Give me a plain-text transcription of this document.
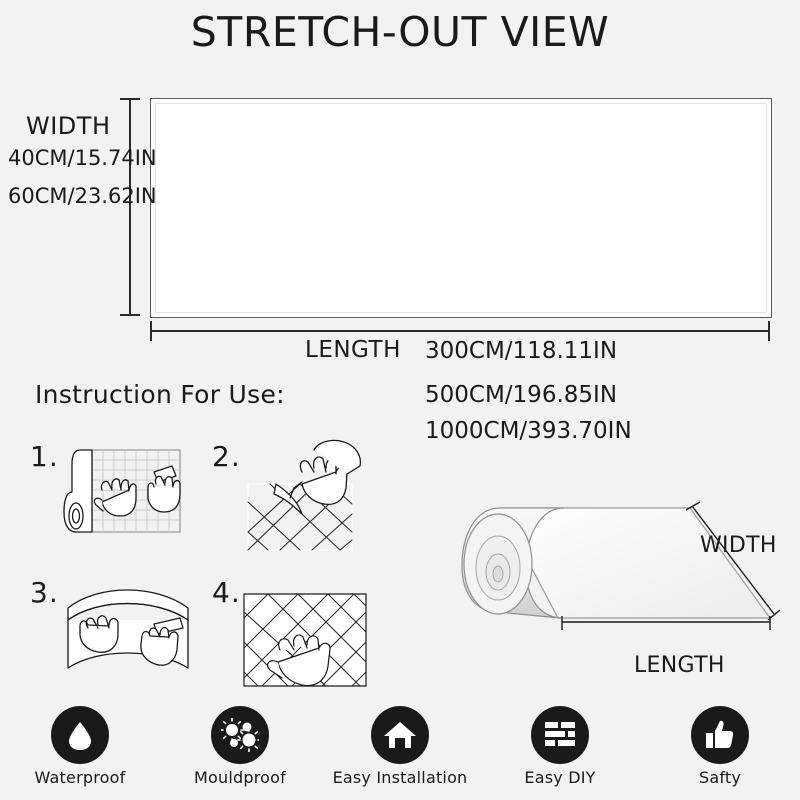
STRETCH-OUT VIEW
WIDTH
40CM/15.74IN
60CM/23.62IN
LENGTH 300CM/118.11IN
500CM/196.85IN
1000CM/393.70IN
Instruction For Use:
1.	2.
3.	4.
WIDTH
LENGTH
Waterproof	Mouldproof	Easy Installation	Easy DIY	Safty
